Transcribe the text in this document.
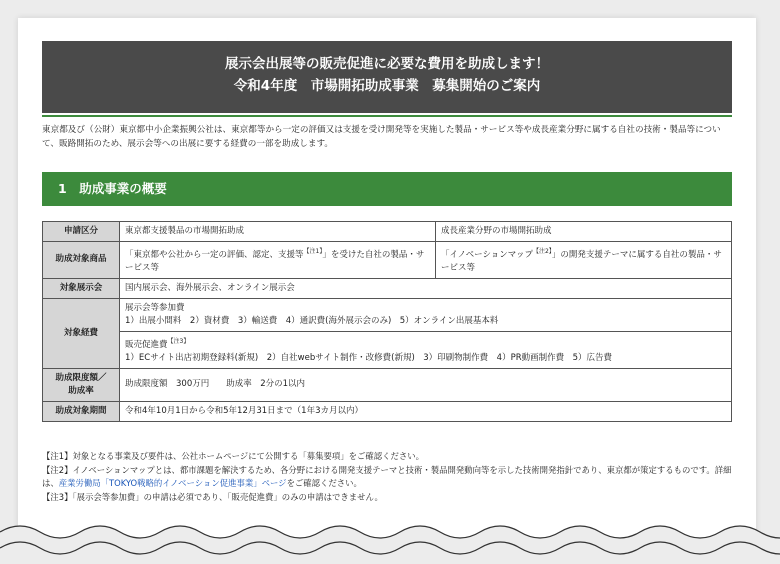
展示会出展等の販売促進に必要な費用を助成します！
令和4年度　市場開拓助成事業　募集開始のご案内
東京都及び（公財）東京都中小企業振興公社は、東京都等から一定の評価又は支援を受け開発等を実施した製品・サービス等や成長産業分野に属する自社の技術・製品等について、販路開拓のため、展示会等への出展に要する経費の一部を助成します。
1　助成事業の概要
申請区分	東京都支援製品の市場開拓助成	成長産業分野の市場開拓助成
助成対象商品	「東京都や公社から一定の評価、認定、支援等$^{【注1】}$」を受けた自社の製品・サービス等	「イノベーションマップ$^{【注2】}$」の開発支援テーマに属する自社の製品・サービス等
対象展示会	国内展示会、海外展示会、オンライン展示会	
対象経費	展示会等参加費
1）出展小間料　2）資材費　3）輸送費　4）通訳費(海外展示会のみ)　5）オンライン出展基本料
販売促進費$^{【注3】}$
1）ECサイト出店初期登録料(新規)　2）自社webサイト制作・改修費(新規)　3）印刷物制作費　4）PR動画制作費　5）広告費	

助成限度額／
助成率	助成限度額　300万円　　助成率　2分の1以内	
助成対象期間	令和4年10月1日から令和5年12月31日まで（1年3カ月以内）	
【注1】対象となる事業及び要件は、公社ホームページにて公開する「募集要項」をご確認ください。
【注2】イノベーションマップとは、都市課題を解決するため、各分野における開発支援テーマと技術・製品開発動向等を示した技術開発指針であり、東京都が策定するものです。詳細は、産業労働局「TOKYO戦略的イノベーション促進事業」ページをご確認ください。
【注3】「展示会等参加費」の申請は必須であり、「販売促進費」のみの申請はできません。
